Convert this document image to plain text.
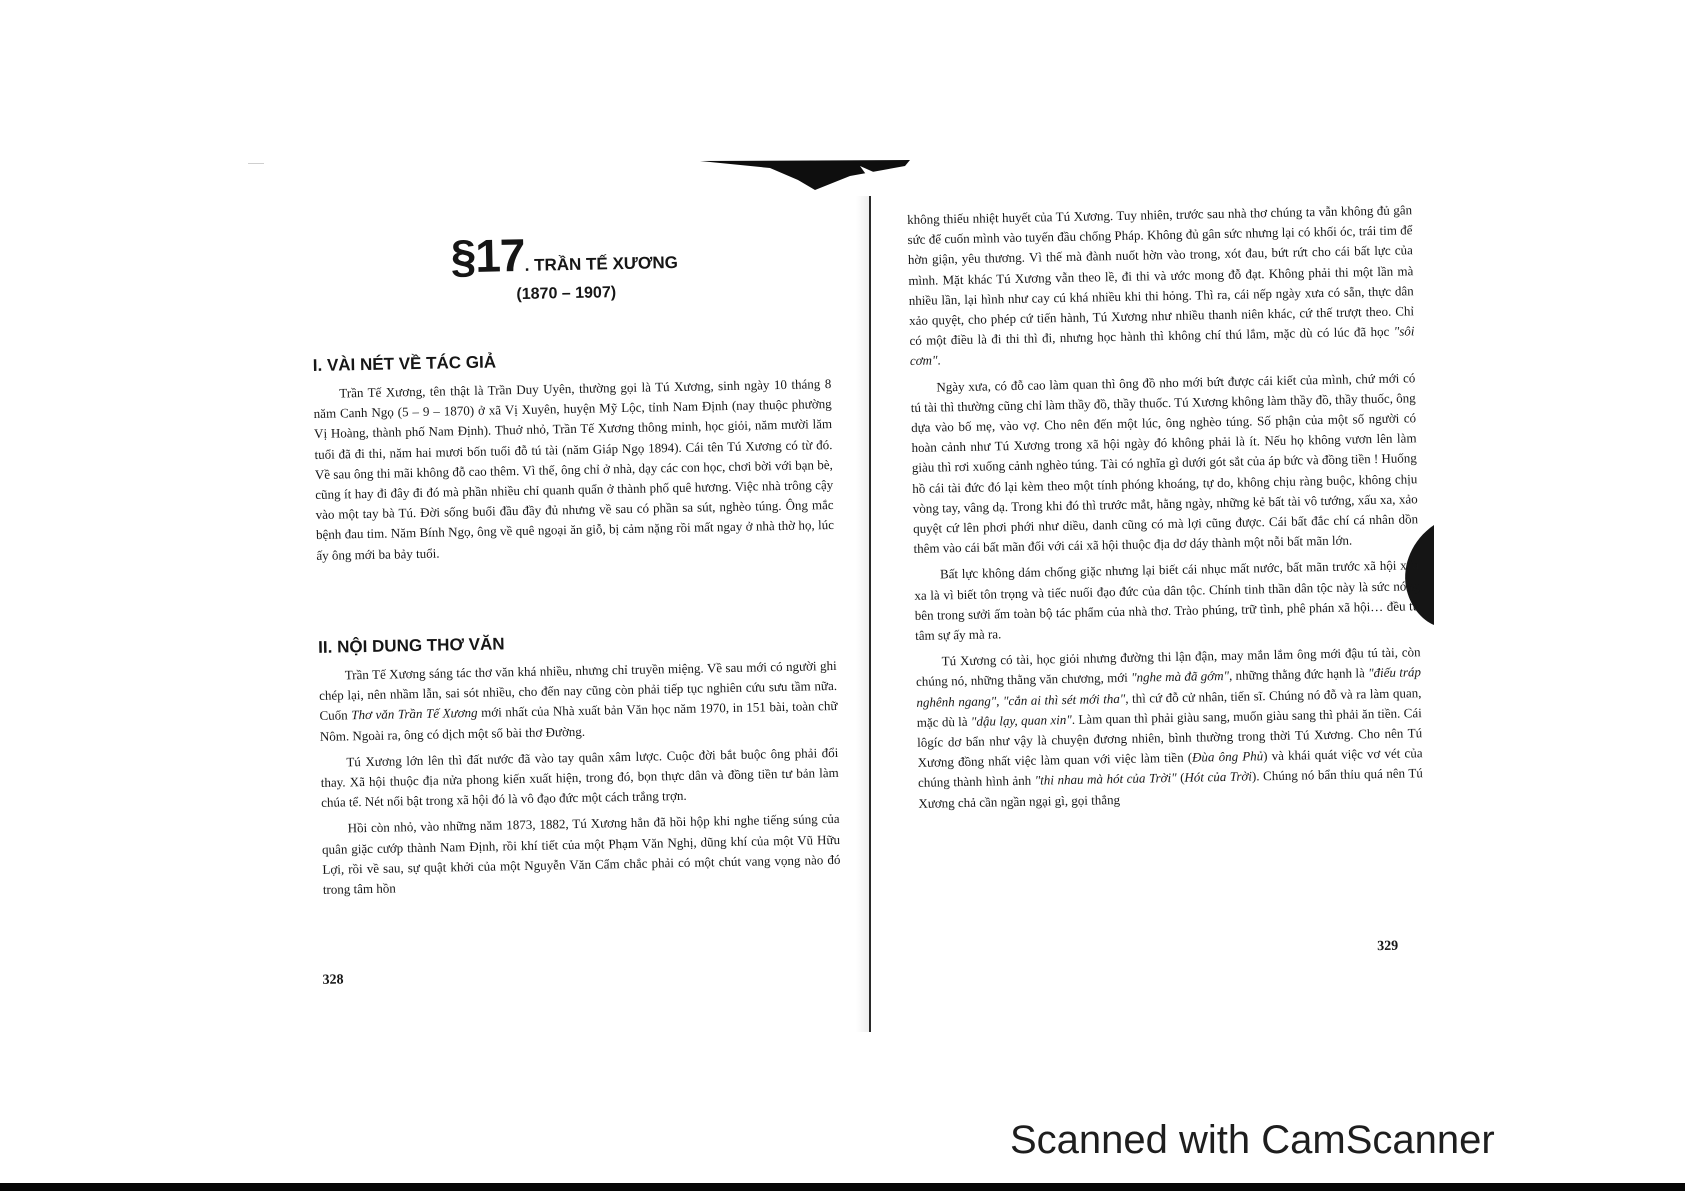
§17. TRẦN TẾ XƯƠNG
(1870 – 1907)
I. VÀI NÉT VỀ TÁC GIẢ

Trần Tế Xương, tên thật là Trần Duy Uyên, thường gọi là Tú Xương, sinh ngày 10 tháng 8 năm Canh Ngọ (5 – 9 – 1870) ở xã Vị Xuyên, huyện Mỹ Lộc, tỉnh Nam Định (nay thuộc phường Vị Hoàng, thành phố Nam Định). Thuở nhỏ, Trần Tế Xương thông minh, học giỏi, năm mười lăm tuổi đã đi thi, năm hai mươi bốn tuổi đỗ tú tài (năm Giáp Ngọ 1894). Cái tên Tú Xương có từ đó. Về sau ông thi mãi không đỗ cao thêm. Vì thế, ông chỉ ở nhà, dạy các con học, chơi bời với bạn bè, cũng ít hay đi đây đi đó mà phần nhiều chỉ quanh quẩn ở thành phố quê hương. Việc nhà trông cậy vào một tay bà Tú. Đời sống buổi đầu đầy đủ nhưng về sau có phần sa sút, nghèo túng. Ông mắc bệnh đau tim. Năm Bính Ngọ, ông về quê ngoại ăn giỗ, bị cảm nặng rồi mất ngay ở nhà thờ họ, lúc ấy ông mới ba bảy tuổi.

II. NỘI DUNG THƠ VĂN

Trần Tế Xương sáng tác thơ văn khá nhiều, nhưng chỉ truyền miệng. Về sau mới có người ghi chép lại, nên nhầm lẫn, sai sót nhiều, cho đến nay cũng còn phải tiếp tục nghiên cứu sưu tầm nữa. Cuốn Thơ văn Trần Tế Xương mới nhất của Nhà xuất bản Văn học năm 1970, in 151 bài, toàn chữ Nôm. Ngoài ra, ông có dịch một số bài thơ Đường.

Tú Xương lớn lên thì đất nước đã vào tay quân xâm lược. Cuộc đời bắt buộc ông phải đổi thay. Xã hội thuộc địa nửa phong kiến xuất hiện, trong đó, bọn thực dân và đồng tiền tư bản làm chúa tể. Nét nổi bật trong xã hội đó là vô đạo đức một cách trắng trợn.

Hồi còn nhỏ, vào những năm 1873, 1882, Tú Xương hẳn đã hồi hộp khi nghe tiếng súng của quân giặc cướp thành Nam Định, rồi khí tiết của một Phạm Văn Nghị, dũng khí của một Vũ Hữu Lợi, rồi về sau, sự quật khởi của một Nguyễn Văn Cẩm chắc phải có một chút vang vọng nào đó trong tâm hồn

328

không thiếu nhiệt huyết của Tú Xương. Tuy nhiên, trước sau nhà thơ chúng ta vẫn không đủ gân sức để cuốn mình vào tuyến đầu chống Pháp. Không đủ gân sức nhưng lại có khối óc, trái tim để hờn giận, yêu thương. Vì thế mà đành nuốt hờn vào trong, xót đau, bứt rứt cho cái bất lực của mình. Mặt khác Tú Xương vẫn theo lề, đi thi và ước mong đỗ đạt. Không phải thi một lần mà nhiều lần, lại hình như cay cú khá nhiều khi thi hỏng. Thì ra, cái nếp ngày xưa có sẵn, thực dân xảo quyệt, cho phép cứ tiến hành, Tú Xương như nhiều thanh niên khác, cứ thế trượt theo. Chỉ có một điều là đi thi thì đi, nhưng học hành thì không chí thú lắm, mặc dù có lúc đã học "sôi cơm".

Ngày xưa, có đỗ cao làm quan thì ông đồ nho mới bứt được cái kiết của mình, chứ mới có tú tài thì thường cũng chỉ làm thầy đồ, thầy thuốc. Tú Xương không làm thầy đồ, thầy thuốc, ông dựa vào bố mẹ, vào vợ. Cho nên đến một lúc, ông nghèo túng. Số phận của một số người có hoàn cảnh như Tú Xương trong xã hội ngày đó không phải là ít. Nếu họ không vươn lên làm giàu thì rơi xuống cảnh nghèo túng. Tài có nghĩa gì dưới gót sắt của áp bức và đồng tiền ! Huống hồ cái tài đức đó lại kèm theo một tính phóng khoáng, tự do, không chịu ràng buộc, không chịu vòng tay, vâng dạ. Trong khi đó thì trước mắt, hằng ngày, những kẻ bất tài vô tướng, xấu xa, xảo quyệt cứ lên phơi phới như diều, danh cũng có mà lợi cũng được. Cái bất đắc chí cá nhân dồn thêm vào cái bất mãn đối với cái xã hội thuộc địa dơ dáy thành một nỗi bất mãn lớn.

Bất lực không dám chống giặc nhưng lại biết cái nhục mất nước, bất mãn trước xã hội xấu xa là vì biết tôn trọng và tiếc nuối đạo đức của dân tộc. Chính tinh thần dân tộc này là sức nóng bên trong sưởi ấm toàn bộ tác phẩm của nhà thơ. Trào phúng, trữ tình, phê phán xã hội… đều từ tâm sự ấy mà ra.

Tú Xương có tài, học giỏi nhưng đường thi lận đận, may mắn lắm ông mới đậu tú tài, còn chúng nó, những thằng văn chương, mới "nghe mà đã gớm", những thằng đức hạnh là "điếu tráp nghênh ngang", "cắn ai thì sét mới tha", thì cứ đỗ cử nhân, tiến sĩ. Chúng nó đỗ và ra làm quan, mặc dù là "dậu lạy, quan xin". Làm quan thì phải giàu sang, muốn giàu sang thì phải ăn tiền. Cái lôgíc dơ bẩn như vậy là chuyện đương nhiên, bình thường trong thời Tú Xương. Cho nên Tú Xương đồng nhất việc làm quan với việc làm tiền (Đùa ông Phủ) và khái quát việc vơ vét của chúng thành hình ảnh "thi nhau mà hót của Trời" (Hót của Trời). Chúng nó bẩn thỉu quá nên Tú Xương chả cần ngần ngại gì, gọi thẳng

329
Scanned with CamScanner
